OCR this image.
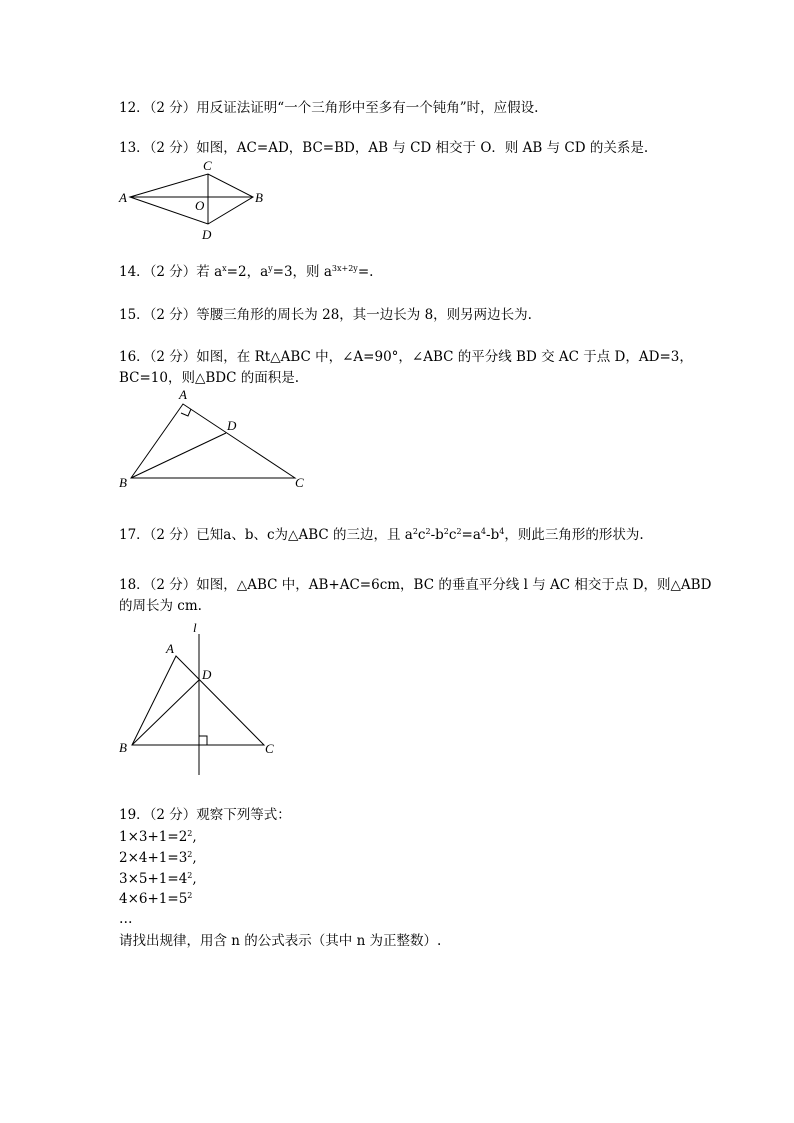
12．（2 分）用反证法证明“一个三角形中至多有一个钝角”时，应假设.
13．（2 分）如图，AC=AD，BC=BD，AB 与 CD 相交于 O．则 AB 与 CD 的关系是.
A
C
B
O
D
14．（2 分）若 $a^x=2$，$a^y=3$，则 $a^{3x+2y}=$.
15．（2 分）等腰三角形的周长为 28，其一边长为 8，则另两边长为.
16．（2 分）如图，在 Rt△ABC 中，∠A=90°，∠ABC 的平分线 BD 交 AC 于点 D，AD=3，
BC=10，则△BDC 的面积是.
A
D
B	C
17．（2 分）已知a、b、c为△ABC 的三边，且 $a^2c^2-b^2c^2=a^4-b^4$，则此三角形的形状为.
18．（2 分）如图，△ABC 中，AB+AC=6cm，BC 的垂直平分线 l 与 AC 相交于点 D，则△ABD
的周长为 cm.
l
A
D
B	C
19．（2 分）观察下列等式：
$1\times 3+1=2^2$,
$2\times 4+1=3^2$,
$3\times 5+1=4^2$,
$4\times 6+1=5^2$
…
请找出规律，用含 n 的公式表示（其中 n 为正整数）.
